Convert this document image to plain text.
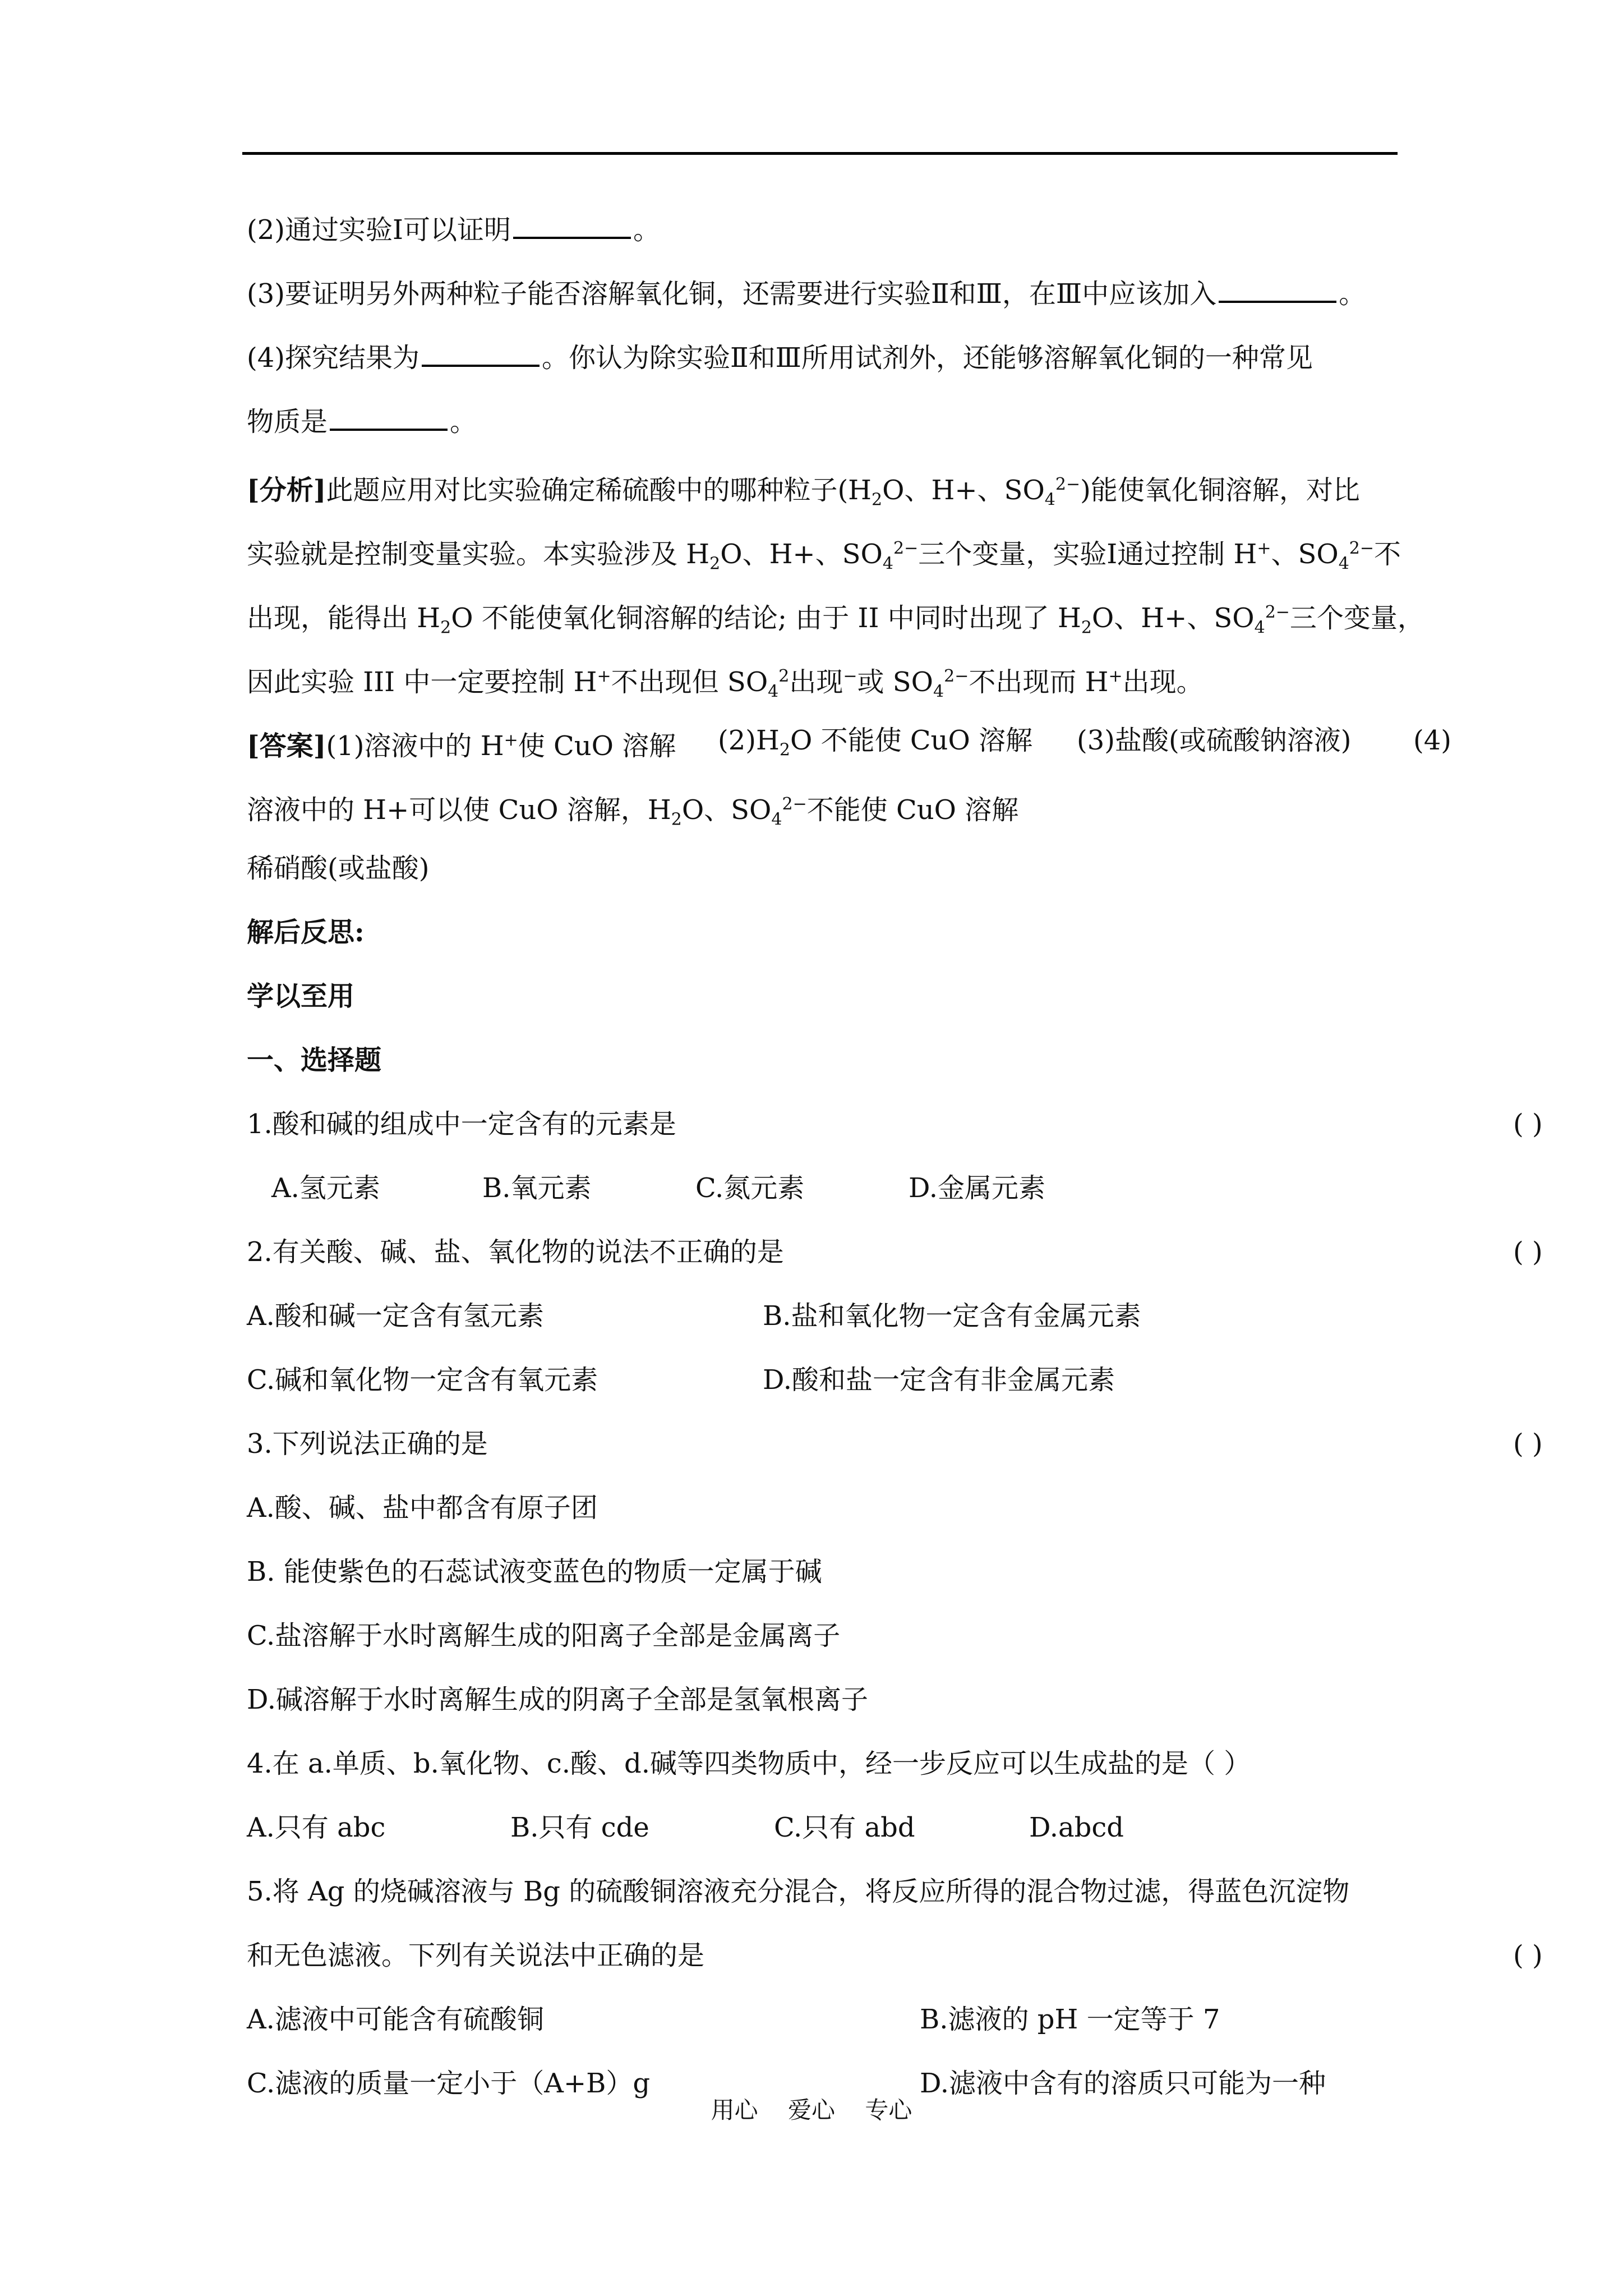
(2)通过实验Ⅰ可以证明	。
(3)要证明另外两种粒子能否溶解氧化铜，还需要进行实验Ⅱ和Ⅲ，在Ⅲ中应该加入	。
(4)探究结果为	。你认为除实验Ⅱ和Ⅲ所用试剂外，还能够溶解氧化铜的一种常见
物质是	。
[分析]此题应用对比实验确定稀硫酸中的哪种粒子($H_2O$、H+、$SO_4^{2-}$)能使氧化铜溶解，对比
实验就是控制变量实验。本实验涉及 $H_2O$、H+、$SO_4^{2-}$三个变量，实验Ⅰ通过控制 H+、$SO_4^{2-}$不
出现，能得出 $H_2O$ 不能使氧化铜溶解的结论; 由于 II 中同时出现了 $H_2O$、H+、$SO_4^{2-}$三个变量，
因此实验 III 中一定要控制 H+不出现但 $SO_4^2$出现−或 $SO_4^{2-}$不出现而 H+出现。
[答案](1)溶液中的 H+使 CuO 溶解 $(2)H_2O$ 不能使 CuO 溶解 (3)盐酸(或硫酸钠溶液) (4)
溶液中的 H+可以使 CuO 溶解，$H_2O$、$SO_4^{2-}$不能使 CuO 溶解
稀硝酸(或盐酸)
解后反思:
学以至用
一、选择题
1.酸和碱的组成中一定含有的元素是	( )
A.氢元素	B.氧元素	C.氮元素	D.金属元素
2.有关酸、碱、盐、氧化物的说法不正确的是	( )
A.酸和碱一定含有氢元素	B.盐和氧化物一定含有金属元素
C.碱和氧化物一定含有氧元素	D.酸和盐一定含有非金属元素
3.下列说法正确的是	( )
A.酸、碱、盐中都含有原子团
B. 能使紫色的石蕊试液变蓝色的物质一定属于碱
C.盐溶解于水时离解生成的阳离子全部是金属离子
D.碱溶解于水时离解生成的阴离子全部是氢氧根离子
4.在 a.单质、b.氧化物、c.酸、d.碱等四类物质中，经一步反应可以生成盐的是（ ）
A.只有 abc	B.只有 cde	C.只有 abd	D.abcd
5.将 Ag 的烧碱溶液与 Bg 的硫酸铜溶液充分混合，将反应所得的混合物过滤，得蓝色沉淀物
和无色滤液。下列有关说法中正确的是	( )
A.滤液中可能含有硫酸铜	B.滤液的 pH 一定等于 7
C.滤液的质量一定小于（A+B）g	D.滤液中含有的溶质只可能为一种
用心 爱心 专心
